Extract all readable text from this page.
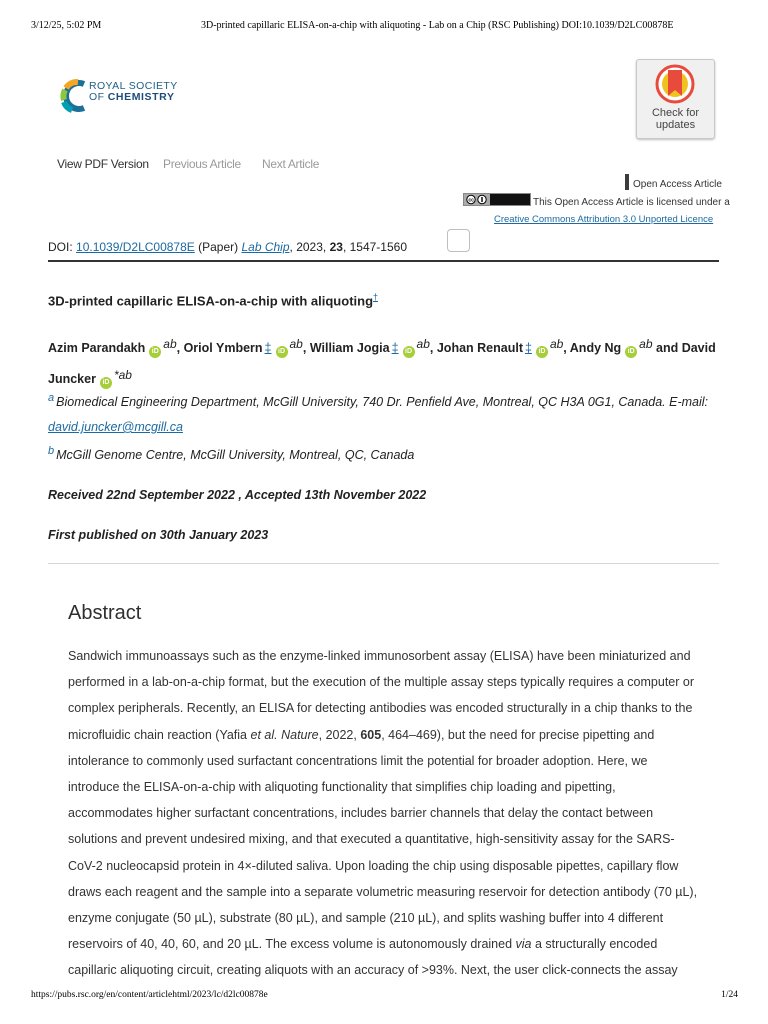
3/12/25, 5:02 PM	3D-printed capillaric ELISA-on-a-chip with aliquoting - Lab on a Chip (RSC Publishing) DOI:10.1039/D2LC00878E
ROYAL SOCIETY
OF CHEMISTRY
Check for
updates
View PDF Version Previous Article Next Article
Open Access Article
cc	This Open Access Article is licensed under a
Creative Commons Attribution 3.0 Unported Licence
DOI: 10.1039/D2LC00878E (Paper) Lab Chip, 2023, 23, 1547-1560
3D-printed capillaric ELISA-on-a-chip with aliquoting†
Azim Parandakh iDab, Oriol Ymbern ‡ iDab, William Jogia ‡ iDab, Johan Renault ‡ iDab, Andy Ng iDab and David Juncker iD*ab
$^a$ Biomedical Engineering Department, McGill University, 740 Dr. Penfield Ave, Montreal, QC H3A 0G1, Canada. E-mail:
david.juncker@mcgill.ca
$^b$ McGill Genome Centre, McGill University, Montreal, QC, Canada
Received 22nd September 2022 , Accepted 13th November 2022
First published on 30th January 2023
Abstract

Sandwich immunoassays such as the enzyme-linked immunosorbent assay (ELISA) have been miniaturized and performed in a lab-on-a-chip format, but the execution of the multiple assay steps typically requires a computer or complex peripherals. Recently, an ELISA for detecting antibodies was encoded structurally in a chip thanks to the microfluidic chain reaction (Yafia et al. Nature, 2022, 605, 464–469), but the need for precise pipetting and intolerance to commonly used surfactant concentrations limit the potential for broader adoption. Here, we introduce the ELISA-on-a-chip with aliquoting functionality that simplifies chip loading and pipetting, accommodates higher surfactant concentrations, includes barrier channels that delay the contact between solutions and prevent undesired mixing, and that executed a quantitative, high-sensitivity assay for the SARS-CoV-2 nucleocapsid protein in 4×-diluted saliva. Upon loading the chip using disposable pipettes, capillary flow draws each reagent and the sample into a separate volumetric measuring reservoir for detection antibody (70 µL), enzyme conjugate (50 µL), substrate (80 µL), and sample (210 µL), and splits washing buffer into 4 different reservoirs of 40, 40, 60, and 20 µL. The excess volume is autonomously drained via a structurally encoded capillaric aliquoting circuit, creating aliquots with an accuracy of >93%. Next, the user click-connects the assay

https://pubs.rsc.org/en/content/articlehtml/2023/lc/d2lc00878e	1/24
